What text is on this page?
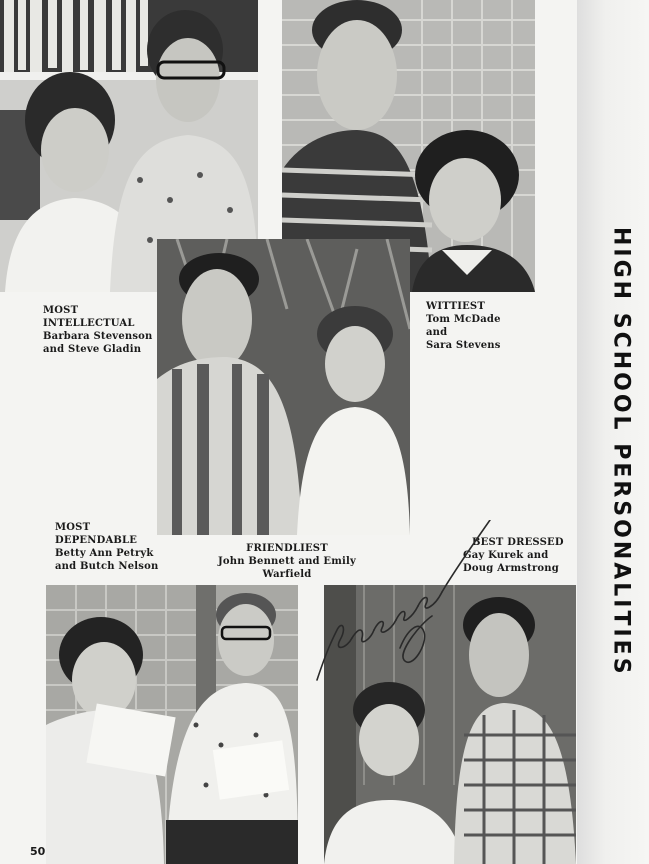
MOST
INTELLECTUAL
Barbara Stevenson
and Steve Gladin
WITTIEST
Tom McDade
and
Sara Stevens
MOST
DEPENDABLE
Betty Ann Petryk
and Butch Nelson
FRIENDLIEST
John Bennett and Emily Warfield
BEST DRESSED
Gay Kurek and
Doug Armstrong HIGH SCHOOL PERSONALITIES
50
